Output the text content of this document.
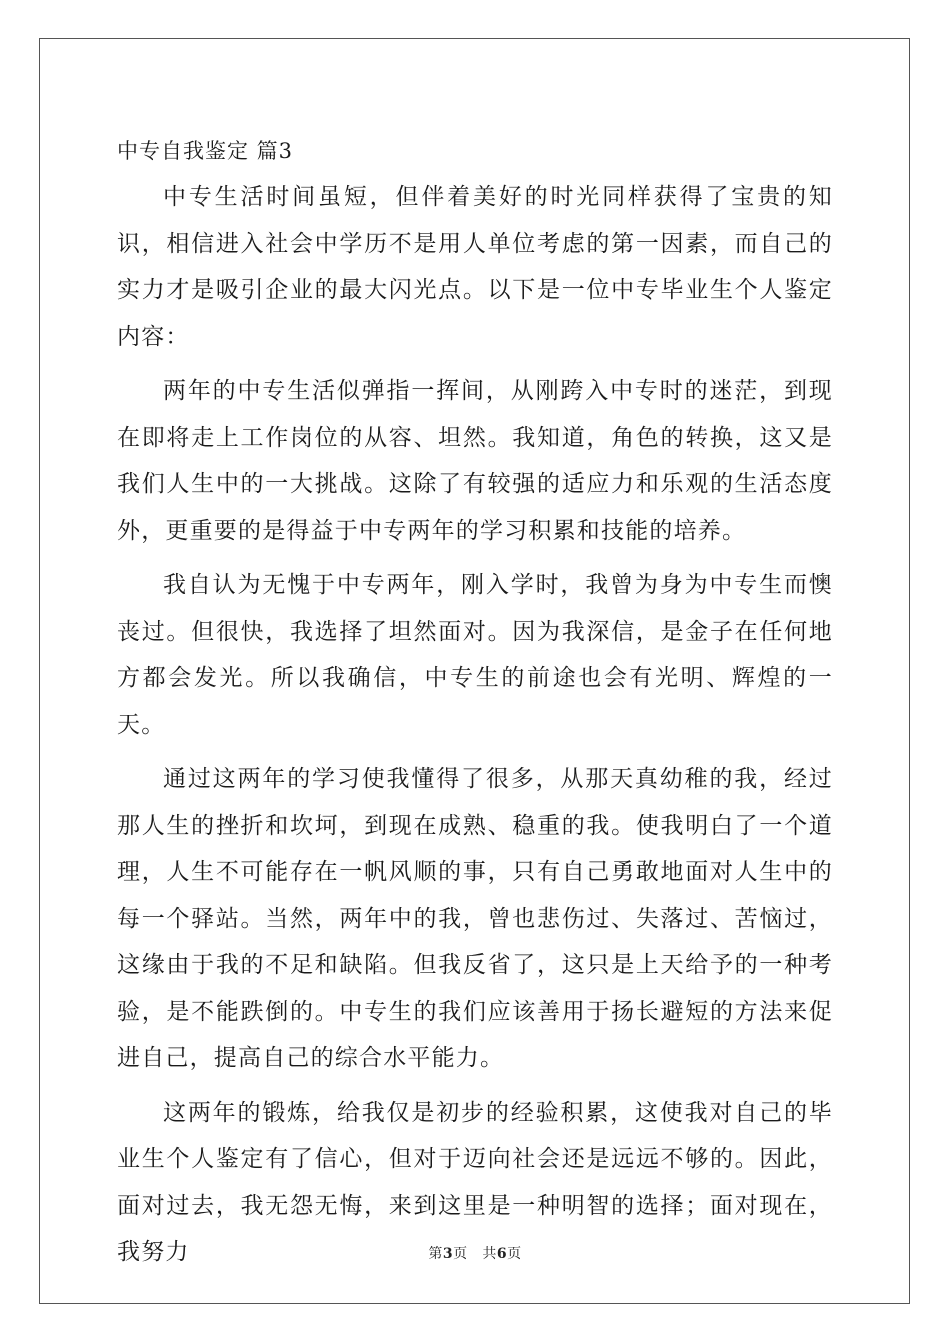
中专自我鉴定 篇3

中专生活时间虽短，但伴着美好的时光同样获得了宝贵的知识，相信进入社会中学历不是用人单位考虑的第一因素，而自己的实力才是吸引企业的最大闪光点。以下是一位中专毕业生个人鉴定内容：

两年的中专生活似弹指一挥间，从刚跨入中专时的迷茫，到现在即将走上工作岗位的从容、坦然。我知道，角色的转换，这又是我们人生中的一大挑战。这除了有较强的适应力和乐观的生活态度外，更重要的是得益于中专两年的学习积累和技能的培养。

我自认为无愧于中专两年，刚入学时，我曾为身为中专生而懊丧过。但很快，我选择了坦然面对。因为我深信，是金子在任何地方都会发光。所以我确信，中专生的前途也会有光明、辉煌的一天。

通过这两年的学习使我懂得了很多，从那天真幼稚的我，经过那人生的挫折和坎坷，到现在成熟、稳重的我。使我明白了一个道理，人生不可能存在一帆风顺的事，只有自己勇敢地面对人生中的每一个驿站。当然，两年中的我，曾也悲伤过、失落过、苦恼过，这缘由于我的不足和缺陷。但我反省了，这只是上天给予的一种考验，是不能跌倒的。中专生的我们应该善用于扬长避短的方法来促进自己，提高自己的综合水平能力。

这两年的锻炼，给我仅是初步的经验积累，这使我对自己的毕业生个人鉴定有了信心，但对于迈向社会还是远远不够的。因此，面对过去，我无怨无悔，来到这里是一种明智的选择；面对现在，我努力	第3页   共6页
